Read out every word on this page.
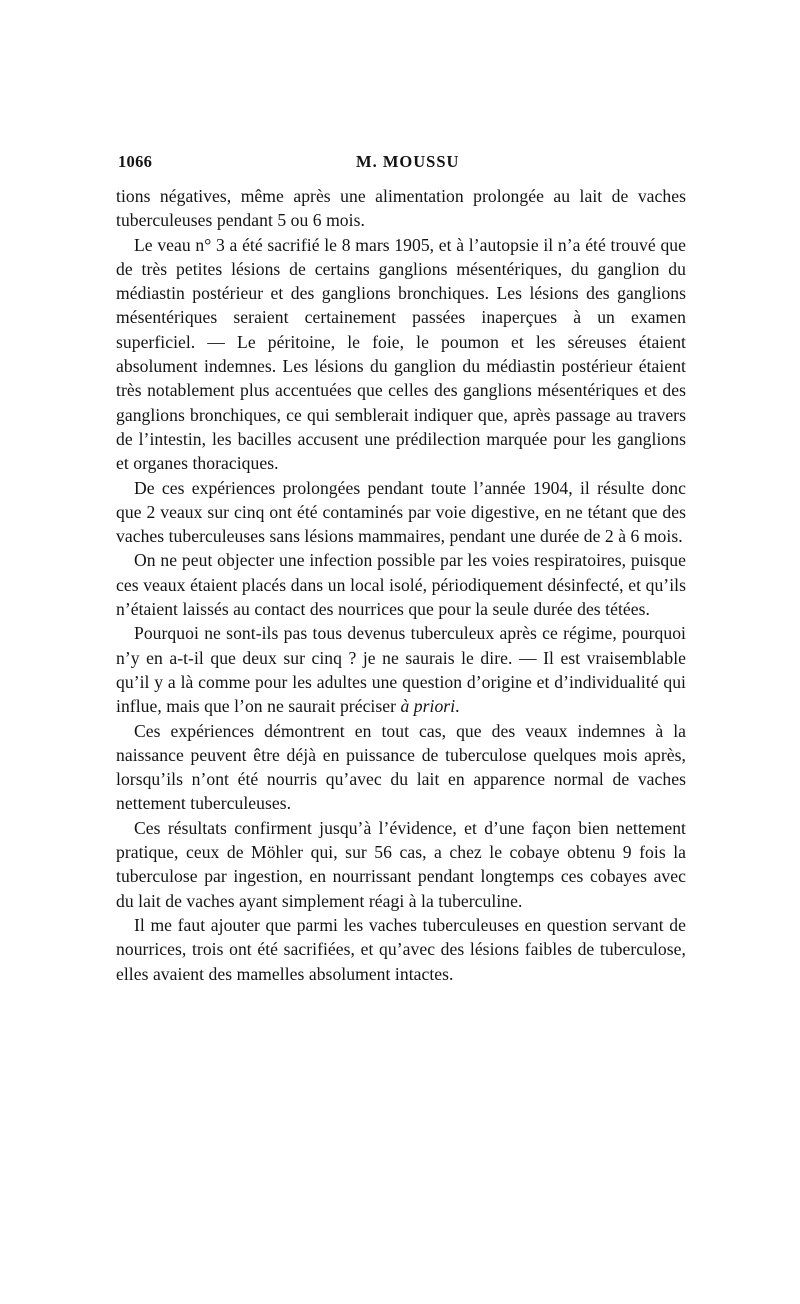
1066	M. MOUSSU

tions négatives, même après une alimentation prolongée au lait de vaches tuberculeuses pendant 5 ou 6 mois.

Le veau n° 3 a été sacrifié le 8 mars 1905, et à l’autopsie il n’a été trouvé que de très petites lésions de certains ganglions mésentériques, du ganglion du médiastin postérieur et des ganglions bronchiques. Les lésions des ganglions mésentériques seraient certainement passées inaperçues à un examen superficiel. — Le péritoine, le foie, le poumon et les séreuses étaient absolument indemnes. Les lésions du ganglion du médiastin postérieur étaient très notablement plus accentuées que celles des ganglions mésentériques et des ganglions bronchiques, ce qui semblerait indiquer que, après passage au travers de l’intestin, les bacilles accusent une prédilection marquée pour les ganglions et organes thoraciques.

De ces expériences prolongées pendant toute l’année 1904, il résulte donc que 2 veaux sur cinq ont été contaminés par voie digestive, en ne tétant que des vaches tuberculeuses sans lésions mammaires, pendant une durée de 2 à 6 mois.

On ne peut objecter une infection possible par les voies respiratoires, puisque ces veaux étaient placés dans un local isolé, périodiquement désinfecté, et qu’ils n’étaient laissés au contact des nourrices que pour la seule durée des tétées.

Pourquoi ne sont-ils pas tous devenus tuberculeux après ce régime, pourquoi n’y en a-t-il que deux sur cinq ? je ne saurais le dire. — Il est vraisemblable qu’il y a là comme pour les adultes une question d’origine et d’individualité qui influe, mais que l’on ne saurait préciser à priori.

Ces expériences démontrent en tout cas, que des veaux indemnes à la naissance peuvent être déjà en puissance de tuberculose quelques mois après, lorsqu’ils n’ont été nourris qu’avec du lait en apparence normal de vaches nettement tuberculeuses.

Ces résultats confirment jusqu’à l’évidence, et d’une façon bien nettement pratique, ceux de Möhler qui, sur 56 cas, a chez le cobaye obtenu 9 fois la tuberculose par ingestion, en nourrissant pendant longtemps ces cobayes avec du lait de vaches ayant simplement réagi à la tuberculine.

Il me faut ajouter que parmi les vaches tuberculeuses en question servant de nourrices, trois ont été sacrifiées, et qu’avec des lésions faibles de tuberculose, elles avaient des mamelles absolument intactes.
